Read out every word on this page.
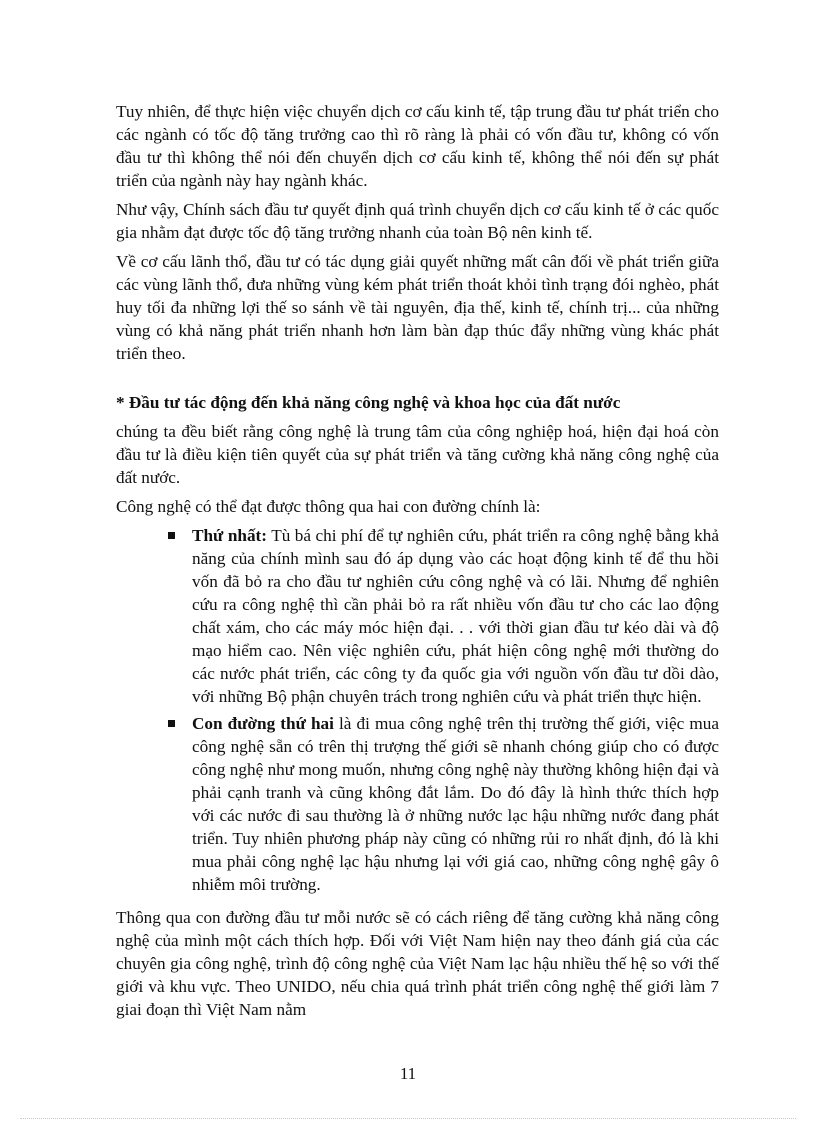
Tuy nhiên, để thực hiện việc chuyển dịch cơ cấu kinh tế, tập trung đầu tư phát triển cho các ngành có tốc độ tăng trưởng cao thì rõ ràng là phải có vốn đầu tư, không có vốn đầu tư thì không thể nói đến chuyển dịch cơ cấu kinh tế, không thể nói đến sự phát triển của ngành này hay ngành khác.

Như vậy, Chính sách đầu tư quyết định quá trình chuyển dịch cơ cấu kinh tế ở các quốc gia nhằm đạt được tốc độ tăng trưởng nhanh của toàn Bộ nên kinh tế.

Về cơ cấu lãnh thổ, đầu tư có tác dụng giải quyết những mất cân đối về phát triển giữa các vùng lãnh thổ, đưa những vùng kém phát triển thoát khỏi tình trạng đói nghèo, phát huy tối đa những lợi thế so sánh về tài nguyên, địa thế, kinh tế, chính trị... của những vùng có khả năng phát triển nhanh hơn làm bàn đạp thúc đẩy những vùng khác phát triển theo.

* Đầu tư tác động đến khả năng công nghệ và khoa học của đất nước

chúng ta đều biết rằng công nghệ là trung tâm của công nghiệp hoá, hiện đại hoá còn đầu tư là điều kiện tiên quyết của sự phát triển và tăng cường khả năng công nghệ của đất nước.

Công nghệ có thể đạt được thông qua hai con đường chính là:

Thứ nhất: Tù bá chi phí để tự nghiên cứu, phát triển ra công nghệ bằng khả năng của chính mình sau đó áp dụng vào các hoạt động kinh tế để thu hồi vốn đã bỏ ra cho đầu tư nghiên cứu công nghệ và có lãi. Nhưng để nghiên cứu ra công nghệ thì cần phải bỏ ra rất nhiều vốn đầu tư cho các lao động chất xám, cho các máy móc hiện đại. . . với thời gian đầu tư kéo dài và độ mạo hiểm cao. Nên việc nghiên cứu, phát hiện công nghệ mới thường do các nước phát triển, các công ty đa quốc gia với nguồn vốn đầu tư dồi dào, với những Bộ phận chuyên trách trong nghiên cứu và phát triển thực hiện.
Con đường thứ hai là đi mua công nghệ trên thị trường thế giới, việc mua công nghệ sẵn có trên thị trượng thế giới sẽ nhanh chóng giúp cho có được công nghệ như mong muốn, nhưng công nghệ này thường không hiện đại và phải cạnh tranh và cũng không đắt lắm. Do đó đây là hình thức thích hợp với các nước đi sau thường là ở những nước lạc hậu những nước đang phát triển. Tuy nhiên phương pháp này cũng có những rủi ro nhất định, đó là khi mua phải công nghệ lạc hậu nhưng lại với giá cao, những công nghệ gây ô nhiễm môi trường.

Thông qua con đường đầu tư mỗi nước sẽ có cách riêng để tăng cường khả năng công nghệ của mình một cách thích hợp. Đối với Việt Nam hiện nay theo đánh giá của các chuyên gia công nghệ, trình độ công nghệ của Việt Nam lạc hậu nhiều thế hệ so với thế giới và khu vực. Theo UNIDO, nếu chia quá trình phát triển công nghệ thế giới làm 7 giai đoạn thì Việt Nam nằm

11
